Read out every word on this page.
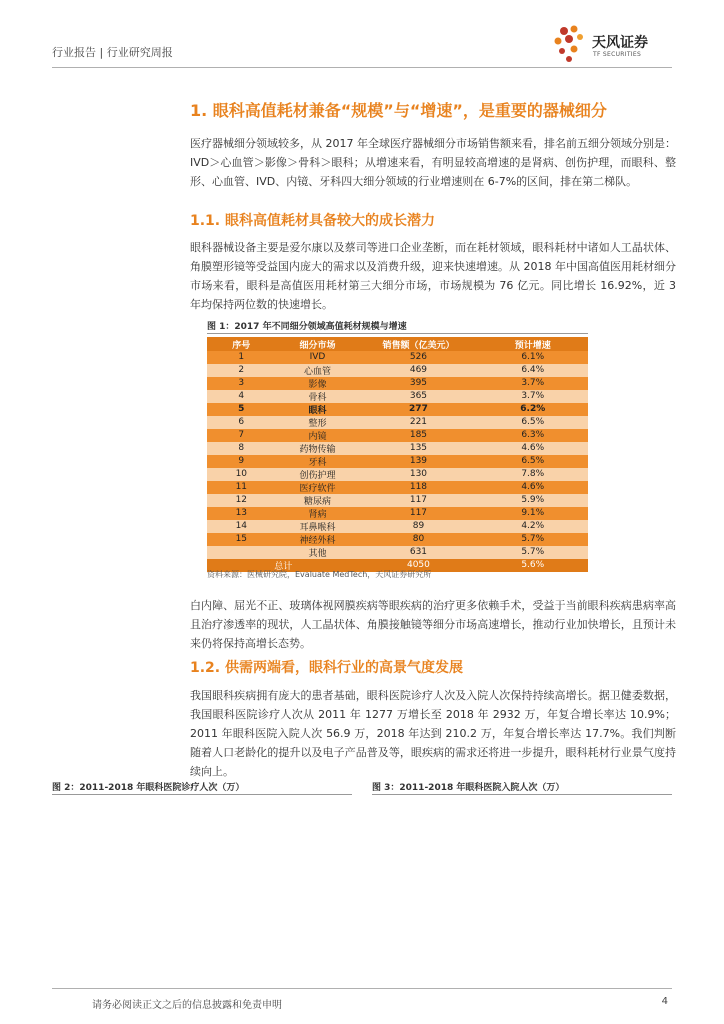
行业报告 | 行业研究周报
天风证券
TF SECURITIES
1. 眼科高值耗材兼备“规模”与“增速”，是重要的器械细分

医疗器械细分领域较多，从 2017 年全球医疗器械细分市场销售额来看，排名前五细分领域分别是：IVD＞心血管＞影像＞骨科＞眼科；从增速来看，有明显较高增速的是肾病、创伤护理，而眼科、整形、心血管、IVD、内镜、牙科四大细分领域的行业增速则在 6-7%的区间，排在第二梯队。

1.1. 眼科高值耗材具备较大的成长潜力

眼科器械设备主要是爱尔康以及蔡司等进口企业垄断，而在耗材领域，眼科耗材中诸如人工晶状体、角膜塑形镜等受益国内庞大的需求以及消费升级，迎来快速增速。从 2018 年中国高值医用耗材细分市场来看，眼科是高值医用耗材第三大细分市场，市场规模为 76 亿元。同比增长 16.92%，近 3 年均保持两位数的快速增长。

图 1：2017 年不同细分领域高值耗材规模与增速
序号	细分市场	销售额（亿美元）	预计增速
1	IVD	526	6.1%
2	心血管	469	6.4%
3	影像	395	3.7%
4	骨科	365	3.7%
5	眼科	277	6.2%
6	整形	221	6.5%
7	内镜	185	6.3%
8	药物传输	135	4.6%
9	牙科	139	6.5%
10	创伤护理	130	7.8%
11	医疗软件	118	4.6%
12	糖尿病	117	5.9%
13	肾病	117	9.1%
14	耳鼻喉科	89	4.2%
15	神经外科	80	5.7%
	其他	631	5.7%
总计		4050	5.6%
资料来源：医械研究院，Evaluate MedTech，天风证券研究所

白内障、屈光不正、玻璃体视网膜疾病等眼疾病的治疗更多依赖手术，受益于当前眼科疾病患病率高且治疗渗透率的现状，人工晶状体、角膜接触镜等细分市场高速增长，推动行业加快增长，且预计未来仍将保持高增长态势。

1.2. 供需两端看，眼科行业的高景气度发展

我国眼科疾病拥有庞大的患者基础，眼科医院诊疗人次及入院人次保持持续高增长。据卫健委数据，我国眼科医院诊疗人次从 2011 年 1277 万增长至 2018 年 2932 万，年复合增长率达 10.9%；2011 年眼科医院入院人次 56.9 万，2018 年达到 210.2 万，年复合增长率达 17.7%。我们判断随着人口老龄化的提升以及电子产品普及等，眼疾病的需求还将进一步提升，眼科耗材行业景气度持续向上。

图 2：2011-2018 年眼科医院诊疗人次（万）	图 3：2011-2018 年眼科医院入院人次（万）
请务必阅读正文之后的信息披露和免责申明	4
